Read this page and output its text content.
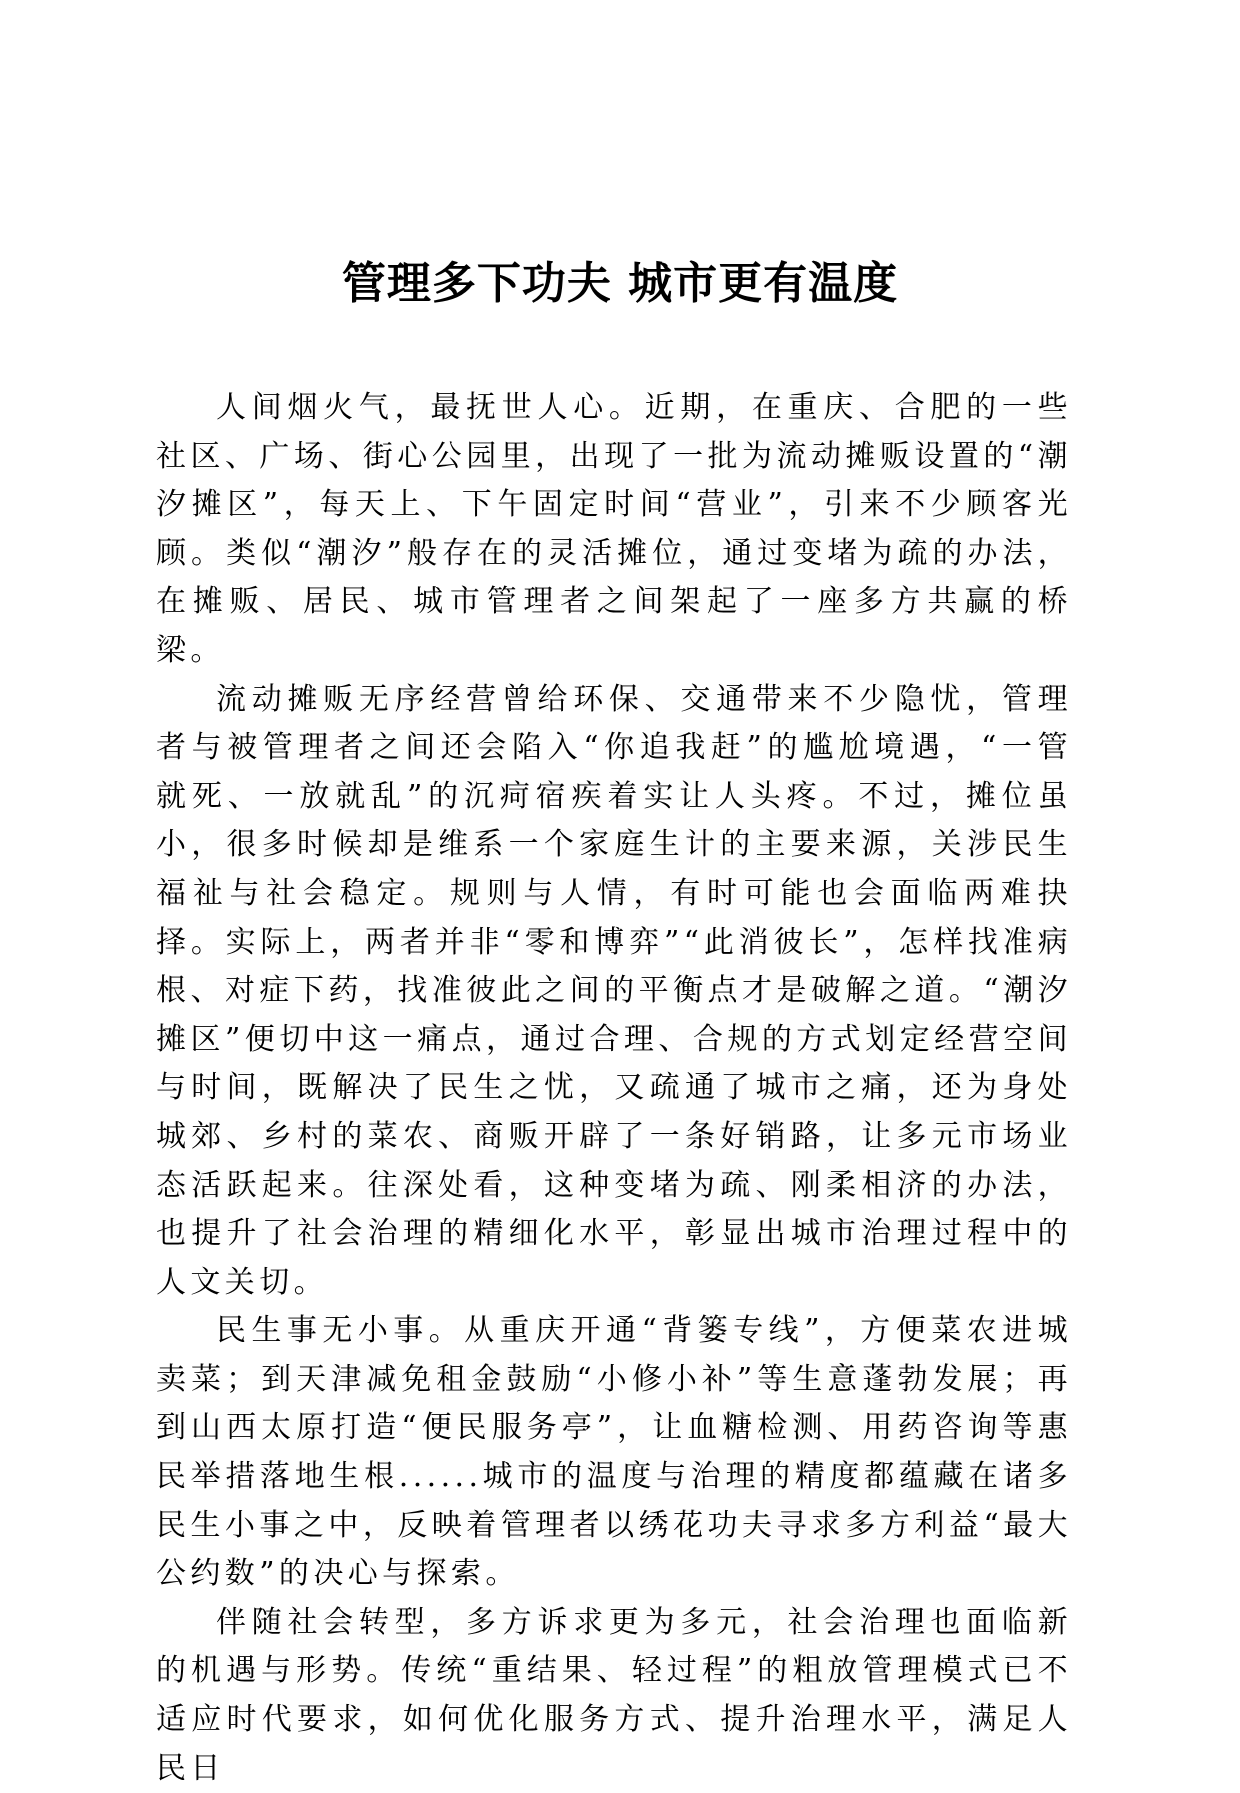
管理多下功夫 城市更有温度

人间烟火气，最抚世人心。近期，在重庆、合肥的一些社区、广场、街心公园里，出现了一批为流动摊贩设置的“潮汐摊区”，每天上、下午固定时间“营业”，引来不少顾客光顾。类似“潮汐”般存在的灵活摊位，通过变堵为疏的办法，在摊贩、居民、城市管理者之间架起了一座多方共赢的桥梁。

流动摊贩无序经营曾给环保、交通带来不少隐忧，管理者与被管理者之间还会陷入“你追我赶”的尴尬境遇，“一管就死、一放就乱”的沉疴宿疾着实让人头疼。不过，摊位虽小，很多时候却是维系一个家庭生计的主要来源，关涉民生福祉与社会稳定。规则与人情，有时可能也会面临两难抉择。实际上，两者并非“零和博弈”“此消彼长”，怎样找准病根、对症下药，找准彼此之间的平衡点才是破解之道。“潮汐摊区”便切中这一痛点，通过合理、合规的方式划定经营空间与时间，既解决了民生之忧，又疏通了城市之痛，还为身处城郊、乡村的菜农、商贩开辟了一条好销路，让多元市场业态活跃起来。往深处看，这种变堵为疏、刚柔相济的办法，也提升了社会治理的精细化水平，彰显出城市治理过程中的人文关切。

民生事无小事。从重庆开通“背篓专线”，方便菜农进城卖菜；到天津减免租金鼓励“小修小补”等生意蓬勃发展；再到山西太原打造“便民服务亭”，让血糖检测、用药咨询等惠民举措落地生根......城市的温度与治理的精度都蕴藏在诸多民生小事之中，反映着管理者以绣花功夫寻求多方利益“最大公约数”的决心与探索。

伴随社会转型，多方诉求更为多元，社会治理也面临新的机遇与形势。传统“重结果、轻过程”的粗放管理模式已不适应时代要求，如何优化服务方式、提升治理水平，满足人民日
